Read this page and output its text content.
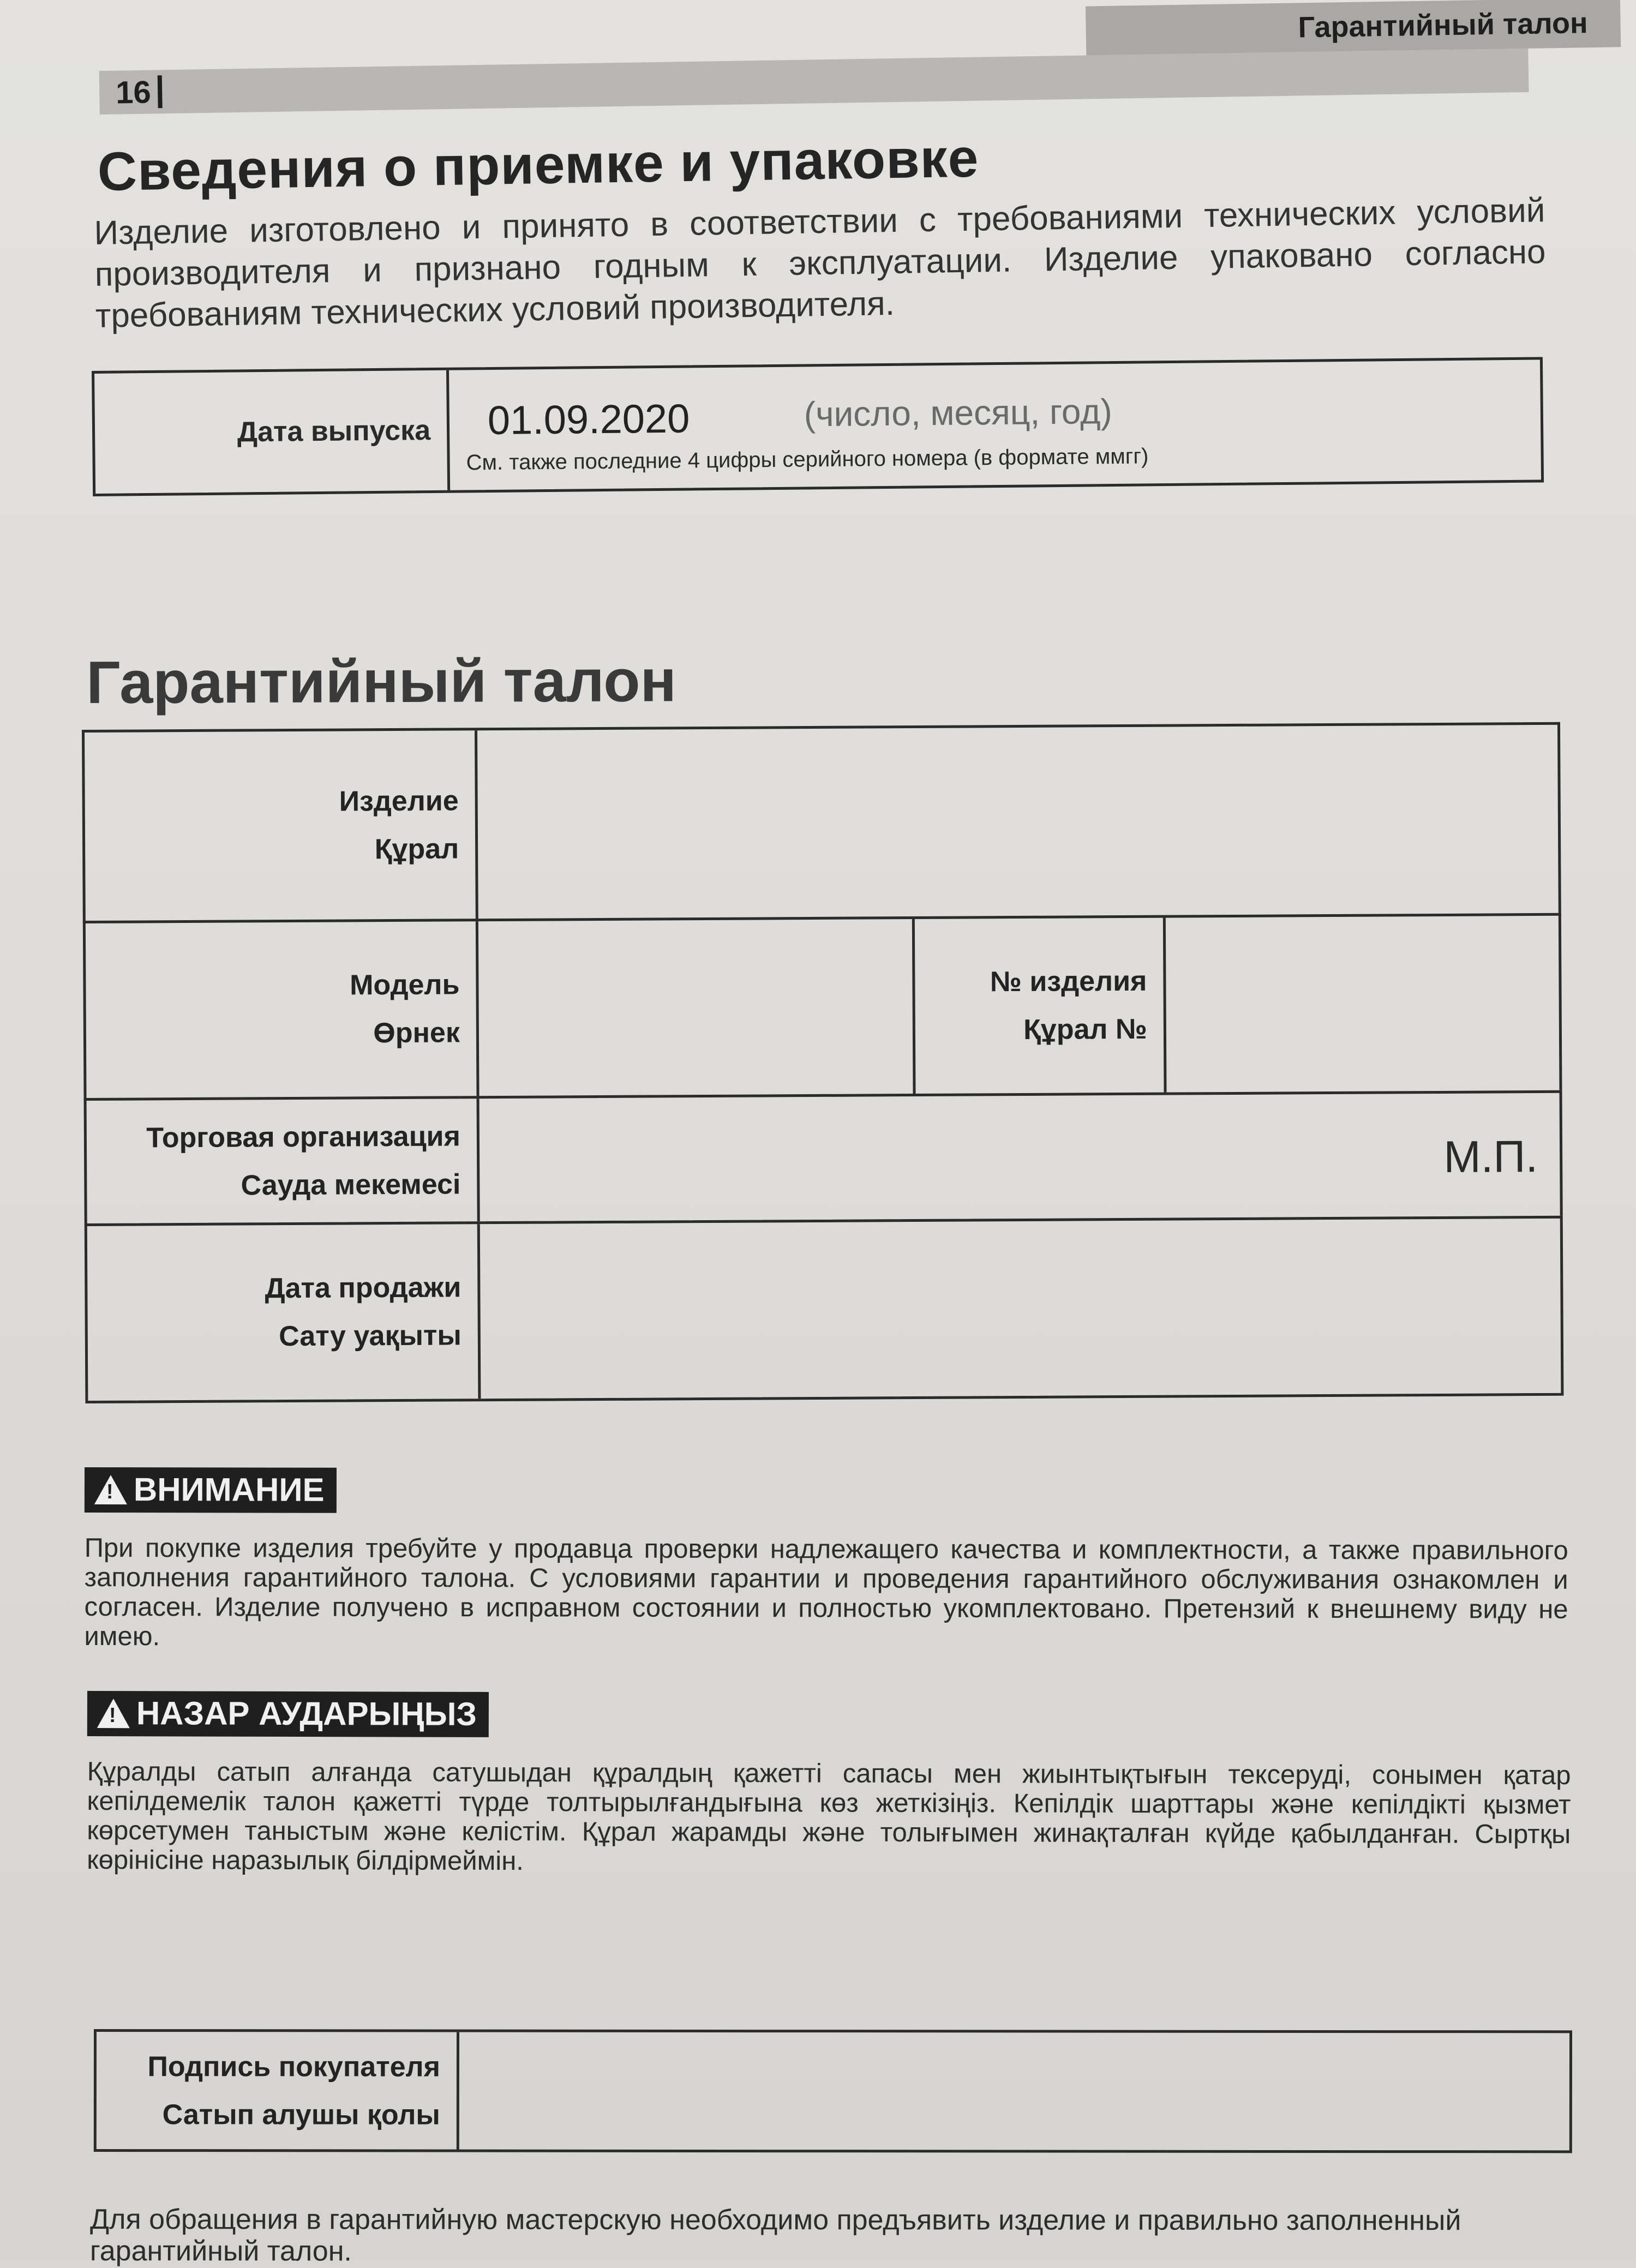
Гарантийный талон
16
Сведения о приемке и упаковке

Изделие изготовлено и принято в соответствии с требованиями технических условий производителя и признано годным к эксплуатации. Изделие упаковано согласно требованиям технических условий производителя.

Дата выпуска	01.09.2020	(число, месяц, год)
См. также последние 4 цифры серийного номера (в формате ммгг)
Гарантийный талон
Изделие
Құрал
Модель
Өрнек
№ изделия
Құрал №
Торговая организация
Сауда мекемесі
М.П.
Дата продажи
Сату уақыты
!
ВНИМАНИЕ
При покупке изделия требуйте у продавца проверки надлежащего качества и комплектности, а также правильного заполнения гарантийного талона. С условиями гарантии и проведения гарантийного обслуживания ознакомлен и согласен. Изделие получено в исправном состоянии и полностью укомплектовано. Претензий к внешнему виду не имею.
!
НАЗАР АУДАРЫҢЫЗ
Құралды сатып алғанда сатушыдан құралдың қажетті сапасы мен жиынтықтығын тексеруді, сонымен қатар кепілдемелік талон қажетті түрде толтырылғандығына көз жеткізіңіз. Кепілдік шарттары және кепілдікті қызмет көрсетумен таныстым және келістім. Құрал жарамды және толығымен жинақталған күйде қабылданған. Сыртқы көрінісіне наразылық білдірмеймін.
Подпись покупателя
Сатып алушы қолы

Для обращения в гарантийную мастерскую необходимо предъявить изделие и правильно заполненный гарантийный талон.
